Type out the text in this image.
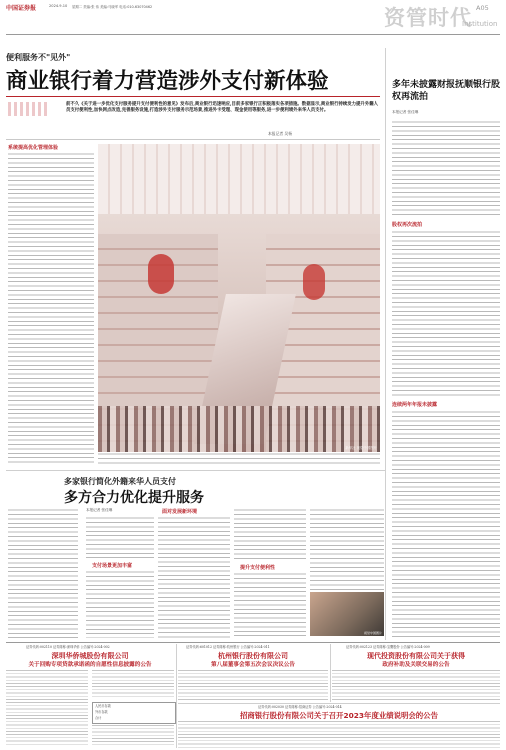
中国证券报	2024.9.10 星期二 责编:张 伟 美编:马晓军 电话:010-63070462	资管时代 A05
Institution
便利服务不"见外"
商业银行着力营造涉外支付新体验
前不久《关于进一步优化支付服务提升支付便利性的意见》发布后,商业银行迅速响应,目前多家银行正积极落实各项措施。数据显示,商业银行持续发力提升外籍人员支付便利性,加快网点改造,完善服务设施,打造涉外支付服务示范场景,推进外卡受理、现金使用等服务,进一步便利境外来华人员支付。
本报记者 吴杨
系统提高优化管理体验
新华社 视觉中国图片
多年未披露财报抚顺银行股权再流拍
本报记者 张佳琳
股权再次流拍
连续两年年报未披露
多家银行简化外籍来华人员支付
多方合力优化提升服务
本报记者 张佳琳
支付场景更加丰富
面对发展新环境
提升支付便利性
视觉中国图片
证券代码:002110 证券简称:深圳华侨 公告编号:2024-002
深圳华侨城股份有限公司
关于回购专项贷款承诺函的自愿性信息披露的公告
人民币存款
外币存款
合计
证券代码:601012 证券简称:杭州银行 公告编号:2024-011
杭州银行股份有限公司
第八届董事会第五次会议决议公告
证券代码:002123 证券简称:宝鹰股份 公告编号:2024-009
现代投资股份有限公司关于获得
政府补助及关联交易的公告
证券代码:002030 证券简称:招商证券 公告编号:2024-014
招商银行股份有限公司关于召开2023年度业绩说明会的公告
